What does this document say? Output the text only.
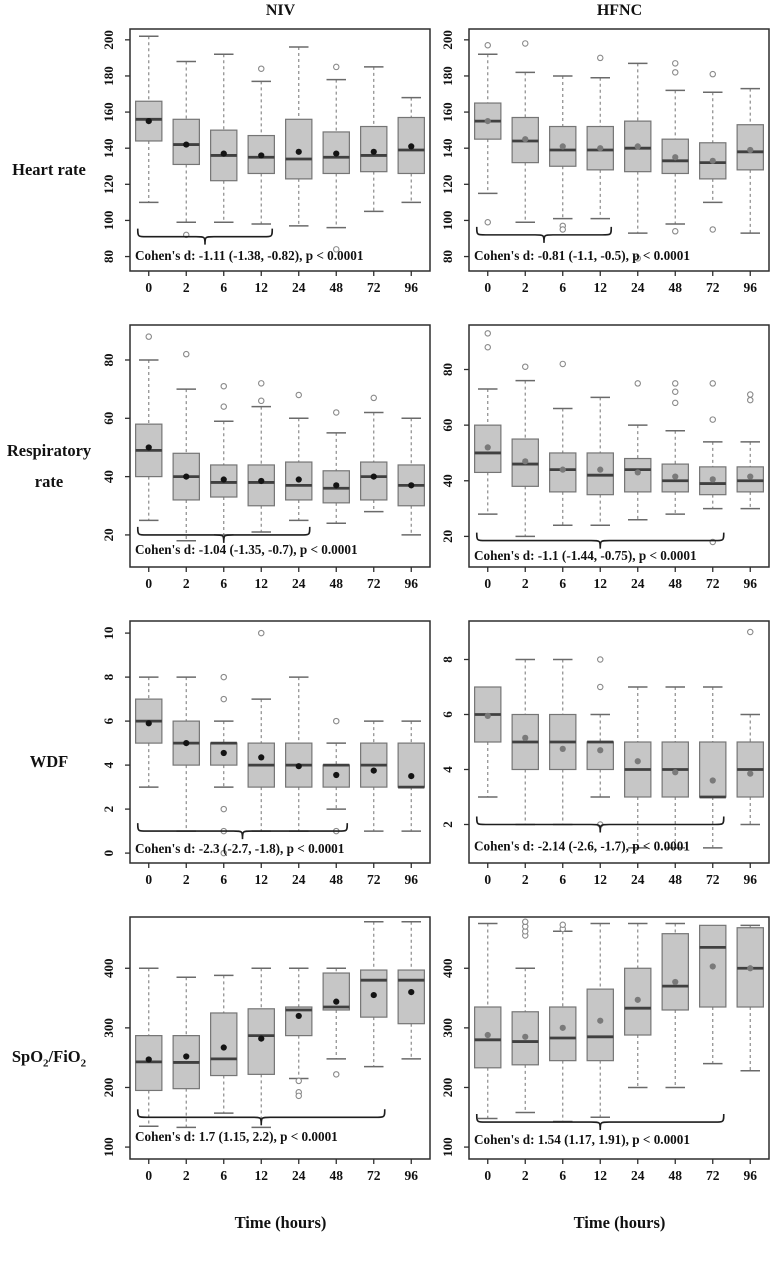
NIV	HFNC
Heart rate
80
100
120
140
160
180
200
Cohen's d: -1.11 (-1.38, -0.82), p < 0.0001
0 2 6 12 24 48 72 96
80
100
120
140
160
180
200
Cohen's d: -0.81 (-1.1, -0.5), p < 0.0001
0 2 6 12 24 48 72 96
Respiratory
rate
20
40
60
80
Cohen's d: -1.04 (-1.35, -0.7), p < 0.0001
0 2 6 12 24 48 72 96
20
40
60
80
Cohen's d: -1.1 (-1.44, -0.75), p < 0.0001
0 2 6 12 24 48 72 96
WDF
0
2
4
6
8
10
Cohen's d: -2.3 (-2.7, -1.8), p < 0.0001
0 2 6 12 24 48 72 96
2
4
6
8
Cohen's d: -2.14 (-2.6, -1.7), p < 0.0001
0 2 6 12 24 48 72 96
SpO$_2$/FiO$_2$
100
200
300
400
Cohen's d: 1.7 (1.15, 2.2), p < 0.0001
0 2 6 12 24 48 72 96
100
200
300
400
Cohen's d: 1.54 (1.17, 1.91), p < 0.0001
0 2 6 12 24 48 72 96
Time (hours)	Time (hours)
